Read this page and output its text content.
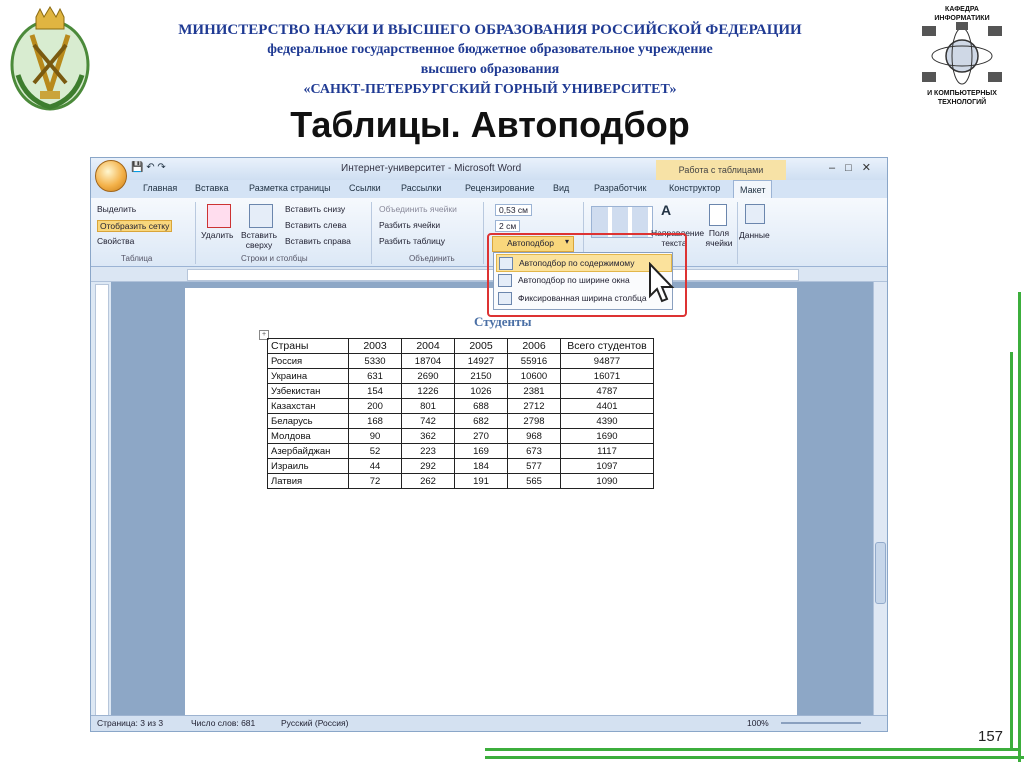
МИНИСТЕРСТВО НАУКИ И ВЫСШЕГО ОБРАЗОВАНИЯ РОССИЙСКОЙ ФЕДЕРАЦИИ
федеральное государственное бюджетное образовательное учреждение
высшего образования
«САНКТ-ПЕТЕРБУРГСКИЙ ГОРНЫЙ УНИВЕРСИТЕТ»
КАФЕДРА
ИНФОРМАТИКИ
И КОМПЬЮТЕРНЫХ
ТЕХНОЛОГИЙ
Таблицы. Автоподбор
💾 ↶ ↷	Интернет-университет - Microsoft Word	Работа с таблицами	–□✕
Главная Вставка Разметка страницы Ссылки Рассылки	Рецензирование Вид	Разработчик	Конструктор	Макет
Выделить
Отобразить сетку
Свойства
Таблица
Удалить Вставить сверху
Вставить снизу
Вставить слева
Вставить справа
Строки и столбцы
Объединить ячейки
Разбить ячейки
Разбить таблицу
Объединить
0,53 см
2 см
A
Направление текста
Поля ячейки
Данные
Страница: 3 из 3	Число слов: 681	Русский (Россия)	100%
Автоподбор ▾
Автоподбор по содержимому
Автоподбор по ширине окна
Фиксированная ширина столбца
Студенты
+
Страны	2003	2004	2005	2006	Всего студентов
Россия	5330	18704	14927	55916	94877
Украина	631	2690	2150	10600	16071
Узбекистан	154	1226	1026	2381	4787
Казахстан	200	801	688	2712	4401
Беларусь	168	742	682	2798	4390
Молдова	90	362	270	968	1690
Азербайджан	52	223	169	673	1117
Израиль	44	292	184	577	1097
Латвия	72	262	191	565	1090
157
